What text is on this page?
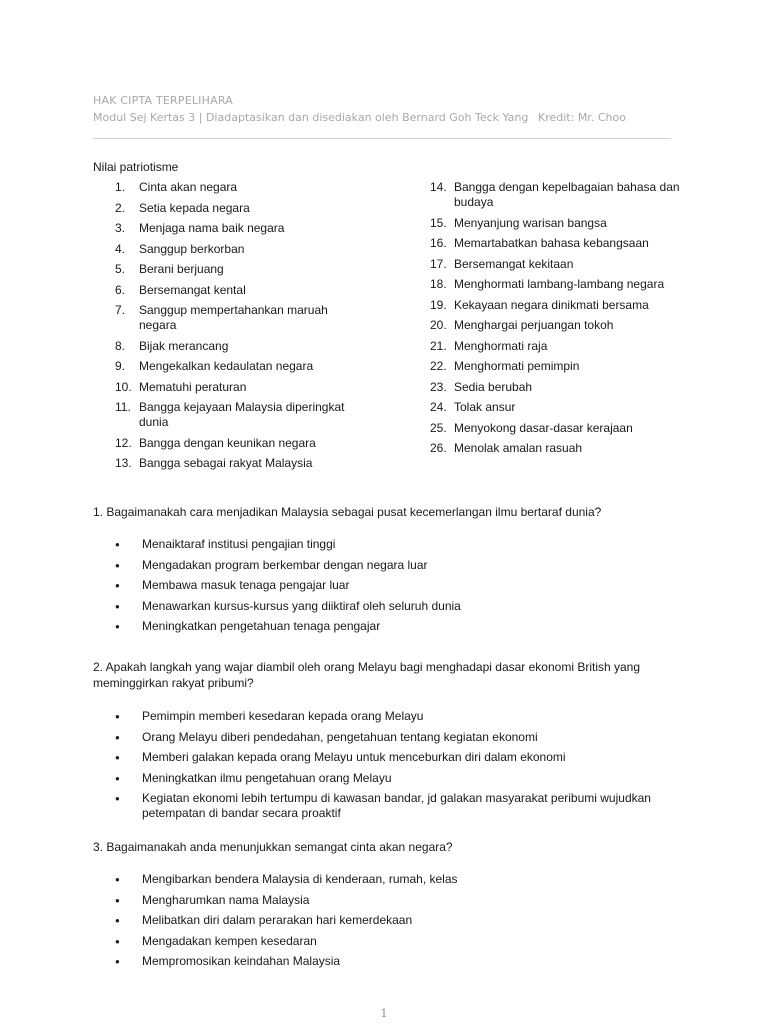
HAK CIPTA TERPELIHARA
Modul Sej Kertas 3 | Diadaptasikan dan disediakan oleh Bernard Goh Teck Yang Kredit: Mr. Choo
Nilai patriotisme
1.	Cinta akan negara
2.	Setia kepada negara
3.	Menjaga nama baik negara
4.	Sanggup berkorban
5.	Berani berjuang
6.	Bersemangat kental
7.	Sanggup mempertahankan maruah negara
8.	Bijak merancang
9.	Mengekalkan kedaulatan negara
10. Mematuhi peraturan
11. Bangga kejayaan Malaysia diperingkat dunia
12. Bangga dengan keunikan negara
13. Bangga sebagai rakyat Malaysia
14. Bangga dengan kepelbagaian bahasa dan budaya
15. Menyanjung warisan bangsa
16. Memartabatkan bahasa kebangsaan
17. Bersemangat kekitaan
18. Menghormati lambang-lambang negara
19. Kekayaan negara dinikmati bersama
20. Menghargai perjuangan tokoh
21. Menghormati raja
22. Menghormati pemimpin
23. Sedia berubah
24. Tolak ansur
25. Menyokong dasar-dasar kerajaan
26. Menolak amalan rasuah
1. Bagaimanakah cara menjadikan Malaysia sebagai pusat kecemerlangan ilmu bertaraf dunia?
●	Menaiktaraf institusi pengajian tinggi
●	Mengadakan program berkembar dengan negara luar
●	Membawa masuk tenaga pengajar luar
●	Menawarkan kursus-kursus yang diiktiraf oleh seluruh dunia
●	Meningkatkan pengetahuan tenaga pengajar
2. Apakah langkah yang wajar diambil oleh orang Melayu bagi menghadapi dasar ekonomi British yang meminggirkan rakyat pribumi?
●	Pemimpin memberi kesedaran kepada orang Melayu
●	Orang Melayu diberi pendedahan, pengetahuan tentang kegiatan ekonomi
●	Memberi galakan kepada orang Melayu untuk menceburkan diri dalam ekonomi
●	Meningkatkan ilmu pengetahuan orang Melayu
●	Kegiatan ekonomi lebih tertumpu di kawasan bandar, jd galakan masyarakat peribumi wujudkan petempatan di bandar secara proaktif
3. Bagaimanakah anda menunjukkan semangat cinta akan negara?
●	Mengibarkan bendera Malaysia di kenderaan, rumah, kelas
●	Mengharumkan nama Malaysia
●	Melibatkan diri dalam perarakan hari kemerdekaan
●	Mengadakan kempen kesedaran
●	Mempromosikan keindahan Malaysia
1
